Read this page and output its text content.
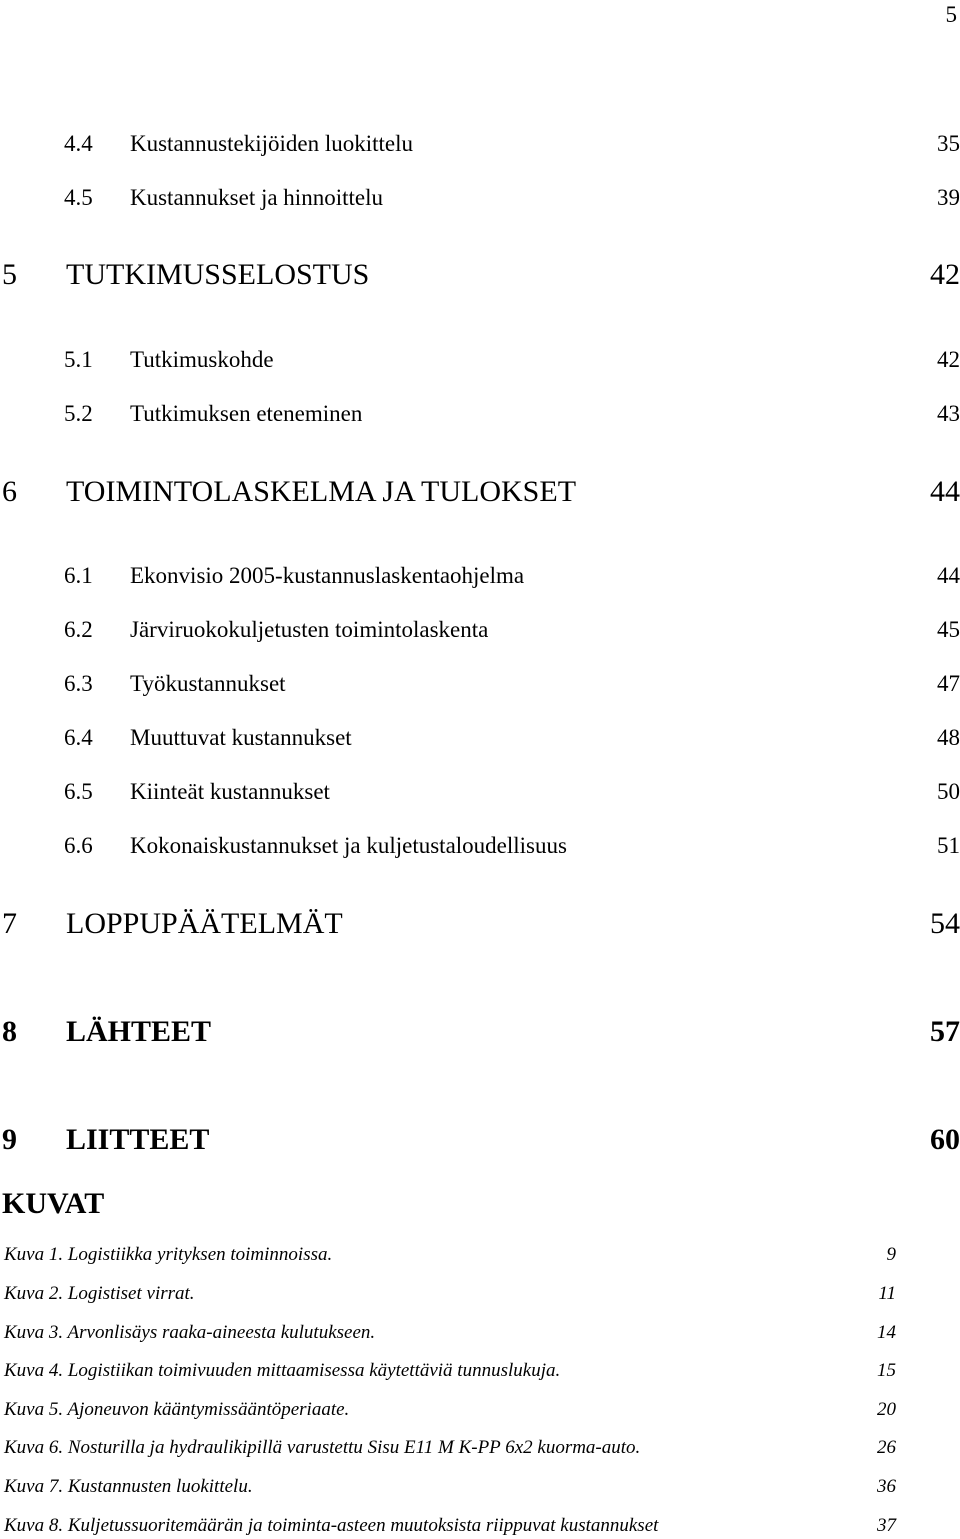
5
4.4 Kustannustekijöiden luokittelu	35
4.5 Kustannukset ja hinnoittelu	39
5 TUTKIMUSSELOSTUS	42
5.1 Tutkimuskohde	42
5.2 Tutkimuksen eteneminen	43
6 TOIMINTOLASKELMA JA TULOKSET	44
6.1 Ekonvisio 2005-kustannuslaskentaohjelma	44
6.2 Järviruokokuljetusten toimintolaskenta	45
6.3 Työkustannukset	47
6.4 Muuttuvat kustannukset	48
6.5 Kiinteät kustannukset	50
6.6 Kokonaiskustannukset ja kuljetustaloudellisuus	51
7 LOPPUPÄÄTELMÄT	54
8 LÄHTEET	57
9 LIITTEET	60
KUVAT
Kuva 1. Logistiikka yrityksen toiminnoissa.	9
Kuva 2. Logistiset virrat.	11
Kuva 3. Arvonlisäys raaka-aineesta kulutukseen.	14
Kuva 4. Logistiikan toimivuuden mittaamisessa käytettäviä tunnuslukuja.	15
Kuva 5. Ajoneuvon kääntymissääntöperiaate.	20
Kuva 6. Nosturilla ja hydraulikipillä varustettu Sisu E11 M K-PP 6x2 kuorma-auto.	26
Kuva 7. Kustannusten luokittelu.	36
Kuva 8. Kuljetussuoritemäärän ja toiminta-asteen muutoksista riippuvat kustannukset	37
